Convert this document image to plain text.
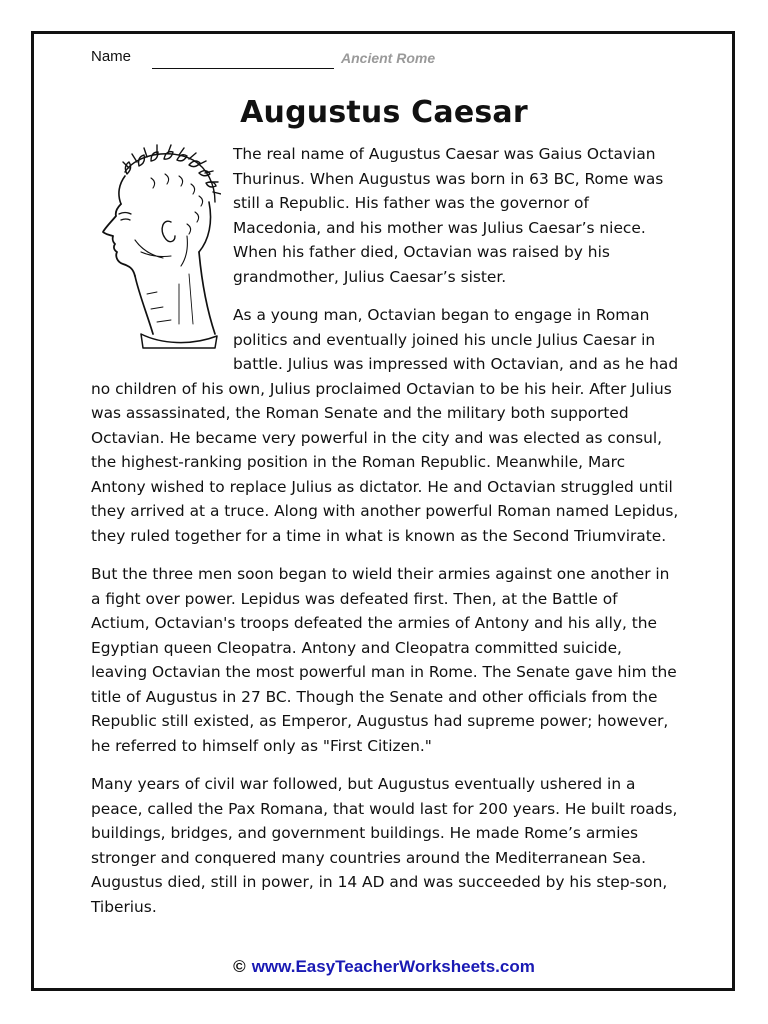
Name	Ancient Rome
Augustus Caesar

The real name of Augustus Caesar was Gaius Octavian Thurinus. When Augustus was born in 63 BC, Rome was still a Republic. His father was the governor of Macedonia, and his mother was Julius Caesar’s niece. When his father died, Octavian was raised by his grandmother, Julius Caesar’s sister.

As a young man, Octavian began to engage in Roman politics and eventually joined his uncle Julius Caesar in battle. Julius was impressed with Octavian, and as he had no children of his own, Julius proclaimed Octavian to be his heir. After Julius was assassinated, the Roman Senate and the military both supported Octavian. He became very powerful in the city and was elected as consul, the highest-ranking position in the Roman Republic. Meanwhile, Marc Antony wished to replace Julius as dictator. He and Octavian struggled until they arrived at a truce. Along with another powerful Roman named Lepidus, they ruled together for a time in what is known as the Second Triumvirate.

But the three men soon began to wield their armies against one another in a fight over power. Lepidus was defeated first. Then, at the Battle of Actium, Octavian's troops defeated the armies of Antony and his ally, the Egyptian queen Cleopatra. Antony and Cleopatra committed suicide, leaving Octavian the most powerful man in Rome. The Senate gave him the title of Augustus in 27 BC. Though the Senate and other officials from the Republic still existed, as Emperor, Augustus had supreme power; however, he referred to himself only as "First Citizen."

Many years of civil war followed, but Augustus eventually ushered in a peace, called the Pax Romana, that would last for 200 years. He built roads, buildings, bridges, and government buildings. He made Rome’s armies stronger and conquered many countries around the Mediterranean Sea. Augustus died, still in power, in 14 AD and was succeeded by his step-son, Tiberius.

© www.EasyTeacherWorksheets.com
